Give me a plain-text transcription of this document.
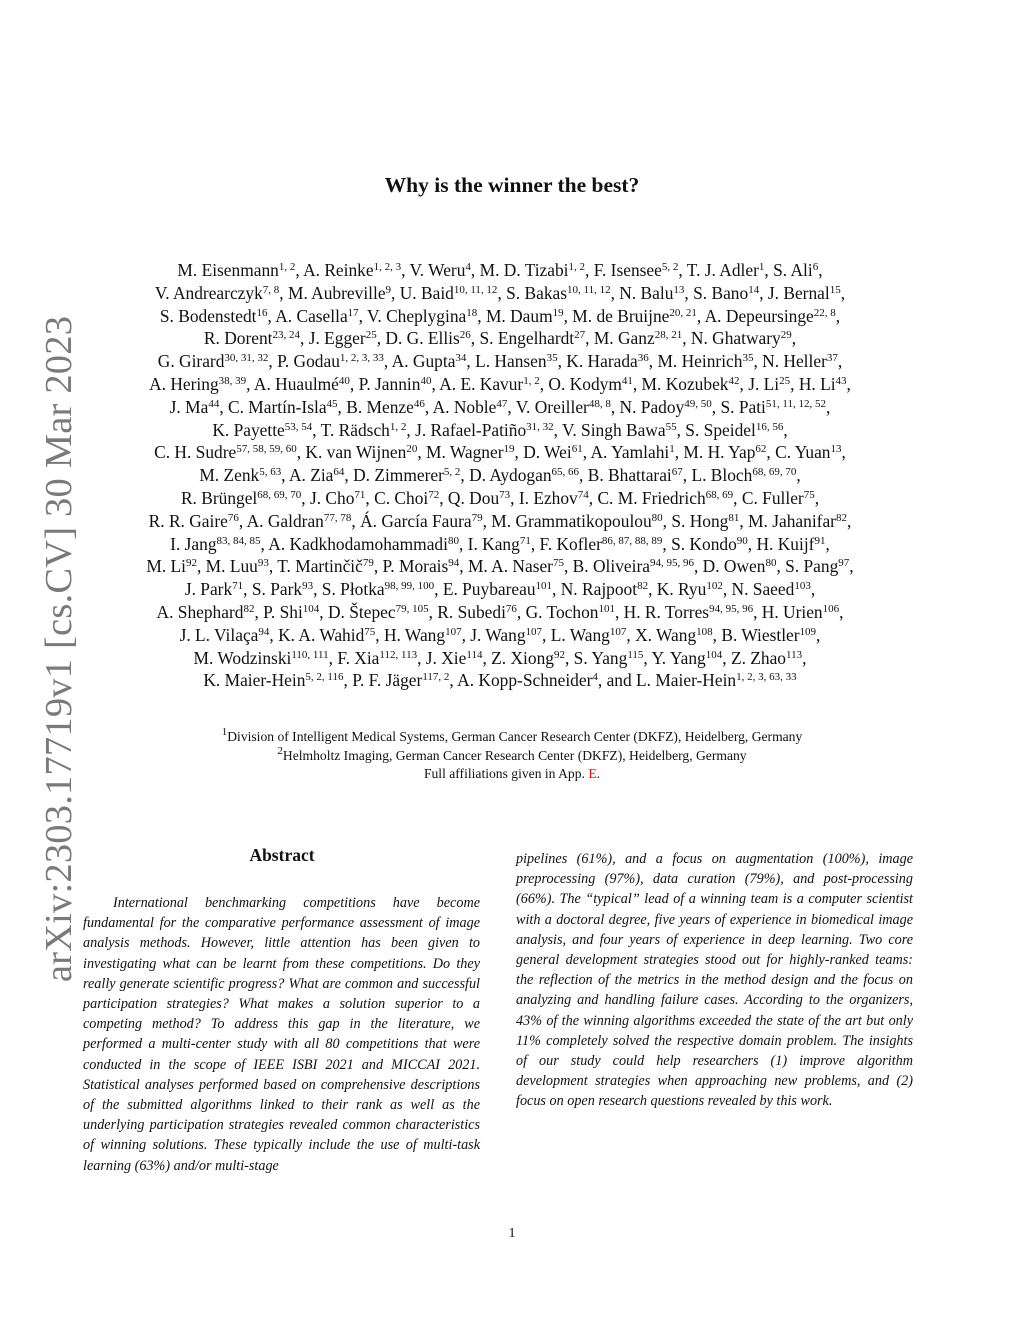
arXiv:2303.17719v1 [cs.CV] 30 Mar 2023
Why is the winner the best?
M. Eisenmann$^{1, 2}$, A. Reinke$^{1, 2, 3}$, V. Weru$^4$, M. D. Tizabi$^{1, 2}$, F. Isensee$^{5, 2}$, T. J. Adler$^1$, S. Ali$^6$,
V. Andrearczyk$^{7, 8}$, M. Aubreville$^9$, U. Baid$^{10, 11, 12}$, S. Bakas$^{10, 11, 12}$, N. Balu$^{13}$, S. Bano$^{14}$, J. Bernal$^{15}$,
S. Bodenstedt$^{16}$, A. Casella$^{17}$, V. Cheplygina$^{18}$, M. Daum$^{19}$, M. de Bruijne$^{20, 21}$, A. Depeursinge$^{22, 8}$,
R. Dorent$^{23, 24}$, J. Egger$^{25}$, D. G. Ellis$^{26}$, S. Engelhardt$^{27}$, M. Ganz$^{28, 21}$, N. Ghatwary$^{29}$,
G. Girard$^{30, 31, 32}$, P. Godau$^{1, 2, 3, 33}$, A. Gupta$^{34}$, L. Hansen$^{35}$, K. Harada$^{36}$, M. Heinrich$^{35}$, N. Heller$^{37}$,
A. Hering$^{38, 39}$, A. Huaulmé$^{40}$, P. Jannin$^{40}$, A. E. Kavur$^{1, 2}$, O. Kodym$^{41}$, M. Kozubek$^{42}$, J. Li$^{25}$, H. Li$^{43}$,
J. Ma$^{44}$, C. Martín-Isla$^{45}$, B. Menze$^{46}$, A. Noble$^{47}$, V. Oreiller$^{48, 8}$, N. Padoy$^{49, 50}$, S. Pati$^{51, 11, 12, 52}$,
K. Payette$^{53, 54}$, T. Rädsch$^{1, 2}$, J. Rafael-Patiño$^{31, 32}$, V. Singh Bawa$^{55}$, S. Speidel$^{16, 56}$,
C. H. Sudre$^{57, 58, 59, 60}$, K. van Wijnen$^{20}$, M. Wagner$^{19}$, D. Wei$^{61}$, A. Yamlahi$^1$, M. H. Yap$^{62}$, C. Yuan$^{13}$,
M. Zenk$^{5, 63}$, A. Zia$^{64}$, D. Zimmerer$^{5, 2}$, D. Aydogan$^{65, 66}$, B. Bhattarai$^{67}$, L. Bloch$^{68, 69, 70}$,
R. Brüngel$^{68, 69, 70}$, J. Cho$^{71}$, C. Choi$^{72}$, Q. Dou$^{73}$, I. Ezhov$^{74}$, C. M. Friedrich$^{68, 69}$, C. Fuller$^{75}$,
R. R. Gaire$^{76}$, A. Galdran$^{77, 78}$, Á. García Faura$^{79}$, M. Grammatikopoulou$^{80}$, S. Hong$^{81}$, M. Jahanifar$^{82}$,
I. Jang$^{83, 84, 85}$, A. Kadkhodamohammadi$^{80}$, I. Kang$^{71}$, F. Kofler$^{86, 87, 88, 89}$, S. Kondo$^{90}$, H. Kuijf$^{91}$,
M. Li$^{92}$, M. Luu$^{93}$, T. Martinčič$^{79}$, P. Morais$^{94}$, M. A. Naser$^{75}$, B. Oliveira$^{94, 95, 96}$, D. Owen$^{80}$, S. Pang$^{97}$,
J. Park$^{71}$, S. Park$^{93}$, S. Płotka$^{98, 99, 100}$, E. Puybareau$^{101}$, N. Rajpoot$^{82}$, K. Ryu$^{102}$, N. Saeed$^{103}$,
A. Shephard$^{82}$, P. Shi$^{104}$, D. Štepec$^{79, 105}$, R. Subedi$^{76}$, G. Tochon$^{101}$, H. R. Torres$^{94, 95, 96}$, H. Urien$^{106}$,
J. L. Vilaça$^{94}$, K. A. Wahid$^{75}$, H. Wang$^{107}$, J. Wang$^{107}$, L. Wang$^{107}$, X. Wang$^{108}$, B. Wiestler$^{109}$,
M. Wodzinski$^{110, 111}$, F. Xia$^{112, 113}$, J. Xie$^{114}$, Z. Xiong$^{92}$, S. Yang$^{115}$, Y. Yang$^{104}$, Z. Zhao$^{113}$,
K. Maier-Hein$^{5, 2, 116}$, P. F. Jäger$^{117, 2}$, A. Kopp-Schneider$^4$, and L. Maier-Hein$^{1, 2, 3, 63, 33}$
$^1$Division of Intelligent Medical Systems, German Cancer Research Center (DKFZ), Heidelberg, Germany
$^2$Helmholtz Imaging, German Cancer Research Center (DKFZ), Heidelberg, Germany
Full affiliations given in App. E.
Abstract
International benchmarking competitions have become fundamental for the comparative performance assessment of image analysis methods. However, little attention has been given to investigating what can be learnt from these competitions. Do they really generate scientific progress? What are common and successful participation strategies? What makes a solution superior to a competing method? To address this gap in the literature, we performed a multi-center study with all 80 competitions that were conducted in the scope of IEEE ISBI 2021 and MICCAI 2021. Statistical analyses performed based on comprehensive descriptions of the submitted algorithms linked to their rank as well as the underlying participation strategies revealed common characteristics of winning solutions. These typically include the use of multi-task learning (63%) and/or multi-stage
pipelines (61%), and a focus on augmentation (100%), image preprocessing (97%), data curation (79%), and post-processing (66%). The “typical” lead of a winning team is a computer scientist with a doctoral degree, five years of experience in biomedical image analysis, and four years of experience in deep learning. Two core general development strategies stood out for highly-ranked teams: the reflection of the metrics in the method design and the focus on analyzing and handling failure cases. According to the organizers, 43% of the winning algorithms exceeded the state of the art but only 11% completely solved the respective domain problem. The insights of our study could help researchers (1) improve algorithm development strategies when approaching new problems, and (2) focus on open research questions revealed by this work.
1
